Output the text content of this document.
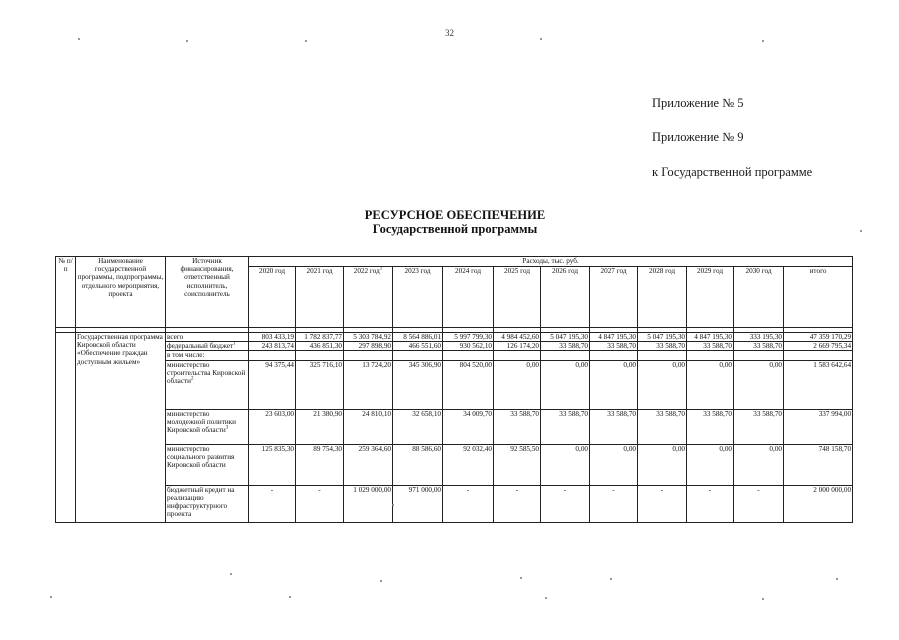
32
Приложение № 5
Приложение № 9
к Государственной программе
РЕСУРСНОЕ ОБЕСПЕЧЕНИЕ
Государственной программы
№ п/п	Наименование государственной программы, подпрограммы, отдельного мероприятия, проекта	Источник финансирования, ответственный исполнитель, соисполнитель	Расходы, тыс. руб.											
			2020 год	2021 год	2022 год$^1$	2023 год	2024 год	2025 год	2026 год	2027 год	2028 год	2029 год	2030 год	итого

	Государственная программа Кировской области «Обеспечение граждан доступным жильем»	всего	803 433,19	1 782 837,77	5 303 784,92	8 564 886,01	5 997 799,30	4 984 452,60	5 047 195,30	4 847 195,30	5 047 195,30	4 847 195,30	333 195,30	47 359 170,29
		федеральный бюджет$^1$	243 813,74	436 851,30	297 898,90	466 551,60	930 562,10	126 174,20	33 588,70	33 588,70	33 588,70	33 588,70	33 588,70	2 669 795,34
		в том числе:												
		министерство строительства Кировской области$^2$	94 375,44	325 716,10	13 724,20	345 306,90	804 520,00	0,00	0,00	0,00	0,00	0,00	0,00	1 583 642,64
		министерство молодежной политики Кировской области$^3$	23 603,00	21 380,90	24 810,10	32 658,10	34 009,70	33 588,70	33 588,70	33 588,70	33 588,70	33 588,70	33 588,70	337 994,00
		министерство социального развития Кировской области	125 835,30	89 754,30	259 364,60	88 586,60	92 032,40	92 585,50	0,00	0,00	0,00	0,00	0,00	748 158,70
		бюджетный кредит на реализацию инфраструктурного проекта	-	-	1 029 000,00	971 000,00	-	-	-	-	-	-	-	2 000 000,00
